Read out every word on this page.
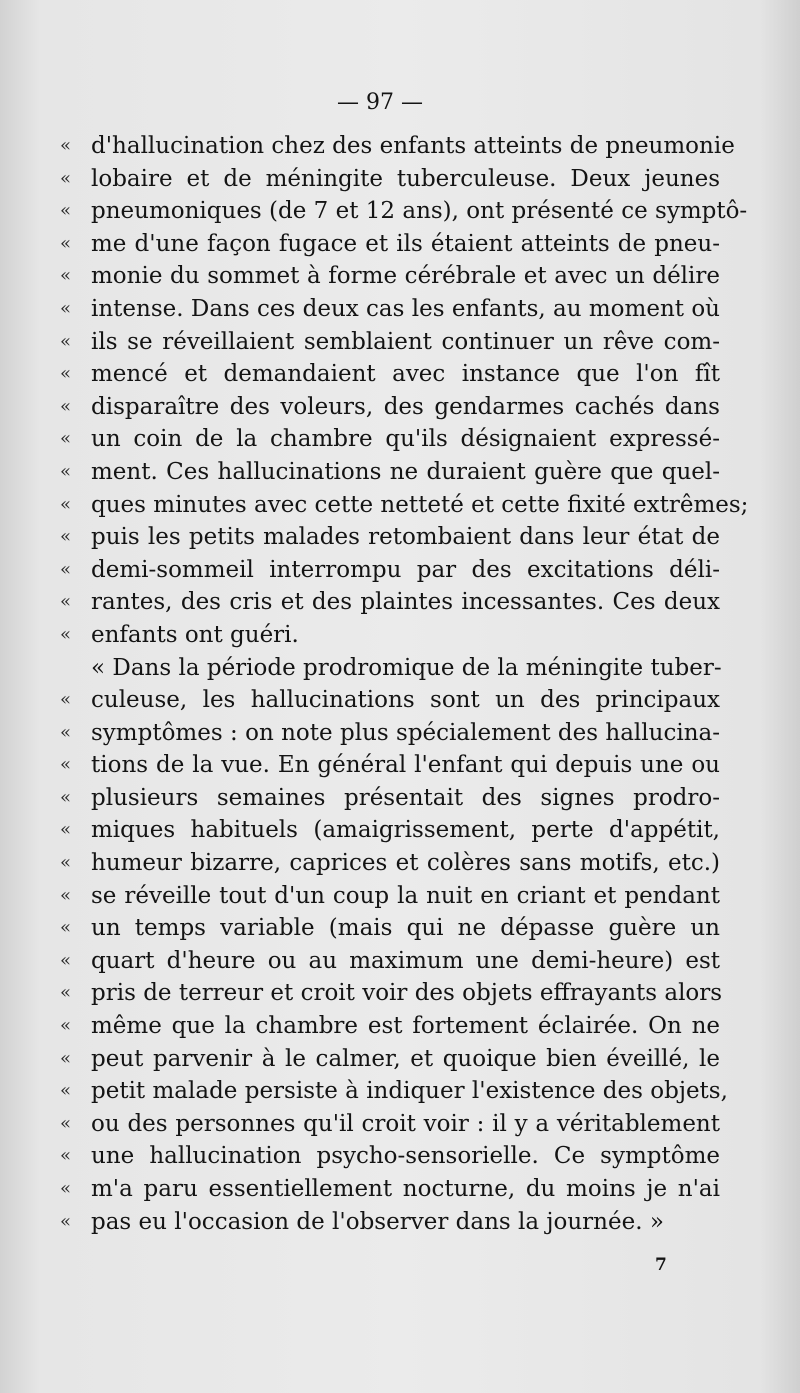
— 97 —
« d'hallucination chez des enfants atteints de pneumonie
« lobaire et de méningite tuberculeuse. Deux jeunes
« pneumoniques (de 7 et 12 ans), ont présenté ce symptô-
« me d'une façon fugace et ils étaient atteints de pneu-
« monie du sommet à forme cérébrale et avec un délire
« intense. Dans ces deux cas les enfants, au moment où
« ils se réveillaient semblaient continuer un rêve com-
« mencé et demandaient avec instance que l'on fît
« disparaître des voleurs, des gendarmes cachés dans
« un coin de la chambre qu'ils désignaient expressé-
« ment. Ces hallucinations ne duraient guère que quel-
« ques minutes avec cette netteté et cette fixité extrêmes;
« puis les petits malades retombaient dans leur état de
« demi-sommeil interrompu par des excitations déli-
« rantes, des cris et des plaintes incessantes. Ces deux
« enfants ont guéri.
« Dans la période prodromique de la méningite tuber-
« culeuse, les hallucinations sont un des principaux
« symptômes : on note plus spécialement des hallucina-
« tions de la vue. En général l'enfant qui depuis une ou
« plusieurs semaines présentait des signes prodro-
« miques habituels (amaigrissement, perte d'appétit,
« humeur bizarre, caprices et colères sans motifs, etc.)
« se réveille tout d'un coup la nuit en criant et pendant
« un temps variable (mais qui ne dépasse guère un
« quart d'heure ou au maximum une demi-heure) est
« pris de terreur et croit voir des objets effrayants alors
« même que la chambre est fortement éclairée. On ne
« peut parvenir à le calmer, et quoique bien éveillé, le
« petit malade persiste à indiquer l'existence des objets,
« ou des personnes qu'il croit voir : il y a véritablement
« une hallucination psycho-sensorielle. Ce symptôme
« m'a paru essentiellement nocturne, du moins je n'ai
« pas eu l'occasion de l'observer dans la journée. »
7
